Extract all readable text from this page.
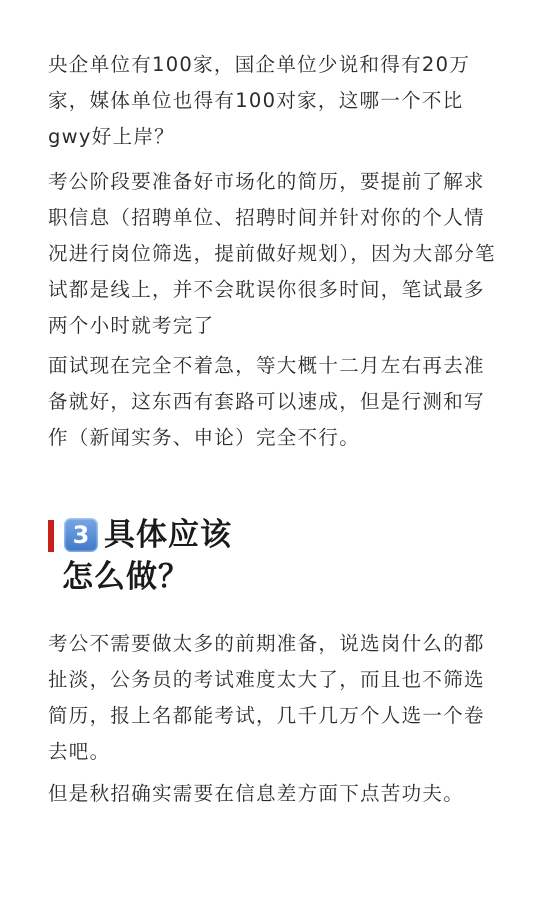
央企单位有100家，国企单位少说和得有20万家，媒体单位也得有100对家，这哪一个不比gwy好上岸？

考公阶段要准备好市场化的简历，要提前了解求职信息（招聘单位、招聘时间并针对你的个人情况进行岗位筛选，提前做好规划），因为大部分笔试都是线上，并不会耽误你很多时间，笔试最多两个小时就考完了

面试现在完全不着急，等大概十二月左右再去准备就好，这东西有套路可以速成，但是行测和写作（新闻实务、申论）完全不行。

3 具体应该
怎么做？

考公不需要做太多的前期准备，说选岗什么的都扯淡，公务员的考试难度太大了，而且也不筛选简历，报上名都能考试，几千几万个人选一个卷去吧。

但是秋招确实需要在信息差方面下点苦功夫。
